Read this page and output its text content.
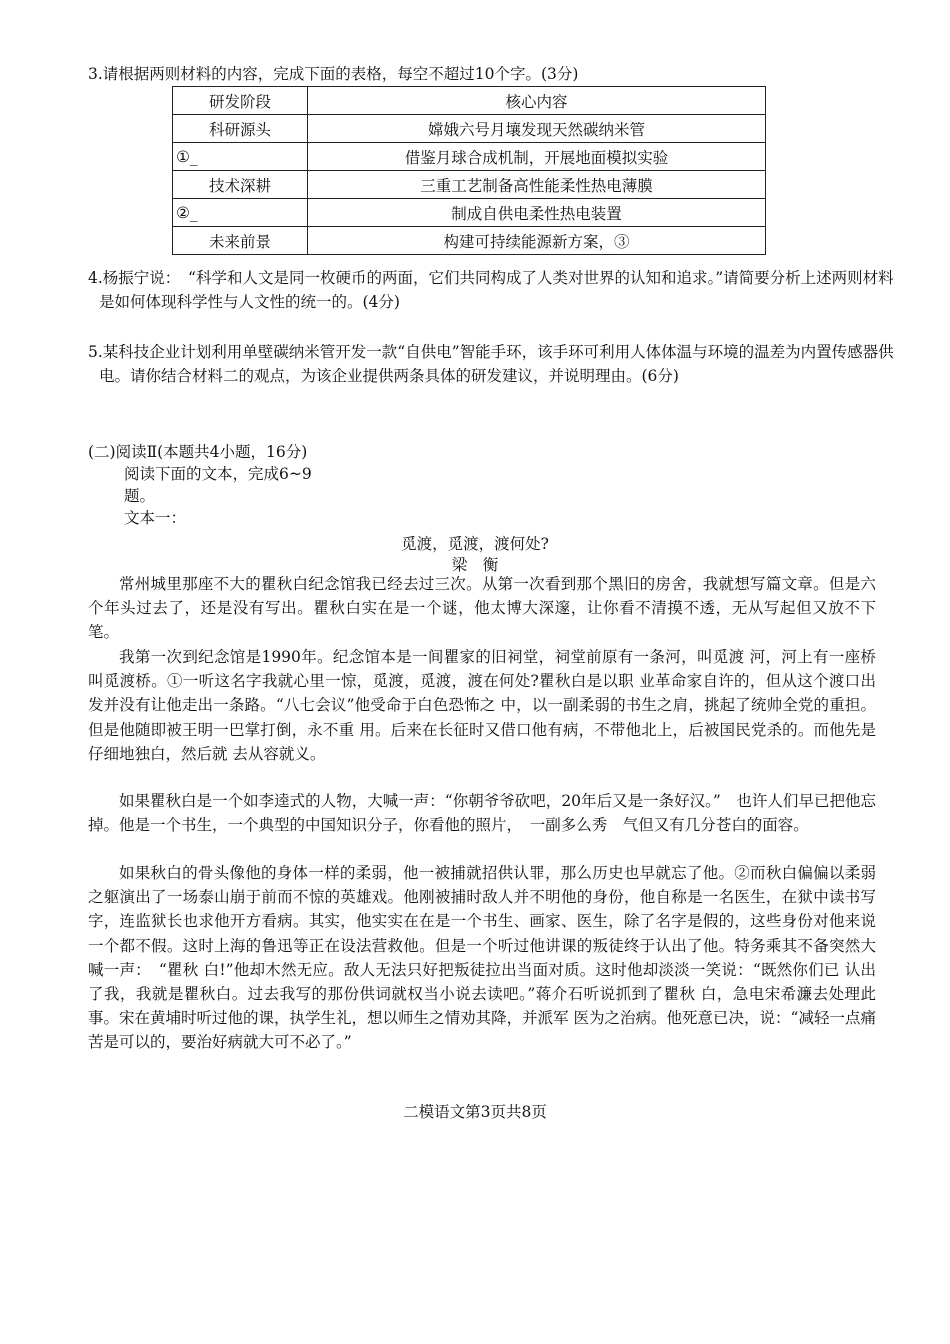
3.请根据两则材料的内容，完成下面的表格，每空不超过10个字。(3分)
研发阶段	核心内容
科研源头	嫦娥六号月壤发现天然碳纳米管
①_	借鉴月球合成机制，开展地面模拟实验
技术深耕	三重工艺制备高性能柔性热电薄膜
②_	制成自供电柔性热电装置
未来前景	构建可持续能源新方案，③
4.杨振宁说：　“科学和人文是同一枚硬币的两面，它们共同构成了人类对世界的认知和追求。”请简要分析上述两则材料是如何体现科学性与人文性的统一的。(4分)
5.某科技企业计划利用单壁碳纳米管开发一款“自供电”智能手环，该手环可利用人体体温与环境的温差为内置传感器供电。请你结合材料二的观点，为该企业提供两条具体的研发建议，并说明理由。(6分)
(二)阅读Ⅱ(本题共4小题，16分)
阅读下面的文本，完成6~9
题。
文本一：
觅渡，觅渡，渡何处?
梁　衡
常州城里那座不大的瞿秋白纪念馆我已经去过三次。从第一次看到那个黑旧的房舍，我就想写篇文章。但是六个年头过去了，还是没有写出。瞿秋白实在是一个谜，他太博大深邃，让你看不清摸不透，无从写起但又放不下笔。
我第一次到纪念馆是1990年。纪念馆本是一间瞿家的旧祠堂，祠堂前原有一条河，叫觅渡 河，河上有一座桥叫觅渡桥。①一听这名字我就心里一惊，觅渡，觅渡，渡在何处?瞿秋白是以职 业革命家自许的，但从这个渡口出发并没有让他走出一条路。“八七会议”他受命于白色恐怖之 中，以一副柔弱的书生之肩，挑起了统帅全党的重担。但是他随即被王明一巴掌打倒，永不重 用。后来在长征时又借口他有病，不带他北上，后被国民党杀的。而他先是仔细地独白，然后就 去从容就义。
如果瞿秋白是一个如李逵式的人物，大喊一声：“你朝爷爷砍吧，20年后又是一条好汉。”　也许人们早已把他忘掉。他是一个书生，一个典型的中国知识分子，你看他的照片，　一副多么秀　气但又有几分苍白的面容。
如果秋白的骨头像他的身体一样的柔弱，他一被捕就招供认罪，那么历史也早就忘了他。②而秋白偏偏以柔弱之躯演出了一场泰山崩于前而不惊的英雄戏。他刚被捕时敌人并不明他的身份，他自称是一名医生，在狱中读书写字，连监狱长也求他开方看病。其实，他实实在在是一个书生、画家、医生，除了名字是假的，这些身份对他来说一个都不假。这时上海的鲁迅等正在设法营救他。但是一个听过他讲课的叛徒终于认出了他。特务乘其不备突然大喊一声：　“瞿秋 白!”他却木然无应。敌人无法只好把叛徒拉出当面对质。这时他却淡淡一笑说：“既然你们已 认出了我，我就是瞿秋白。过去我写的那份供词就权当小说去读吧。”蒋介石听说抓到了瞿秋 白，急电宋希濂去处理此事。宋在黄埔时听过他的课，执学生礼，想以师生之情劝其降，并派军 医为之治病。他死意已决，说：“减轻一点痛苦是可以的，要治好病就大可不必了。”
二模语文第3页共8页
